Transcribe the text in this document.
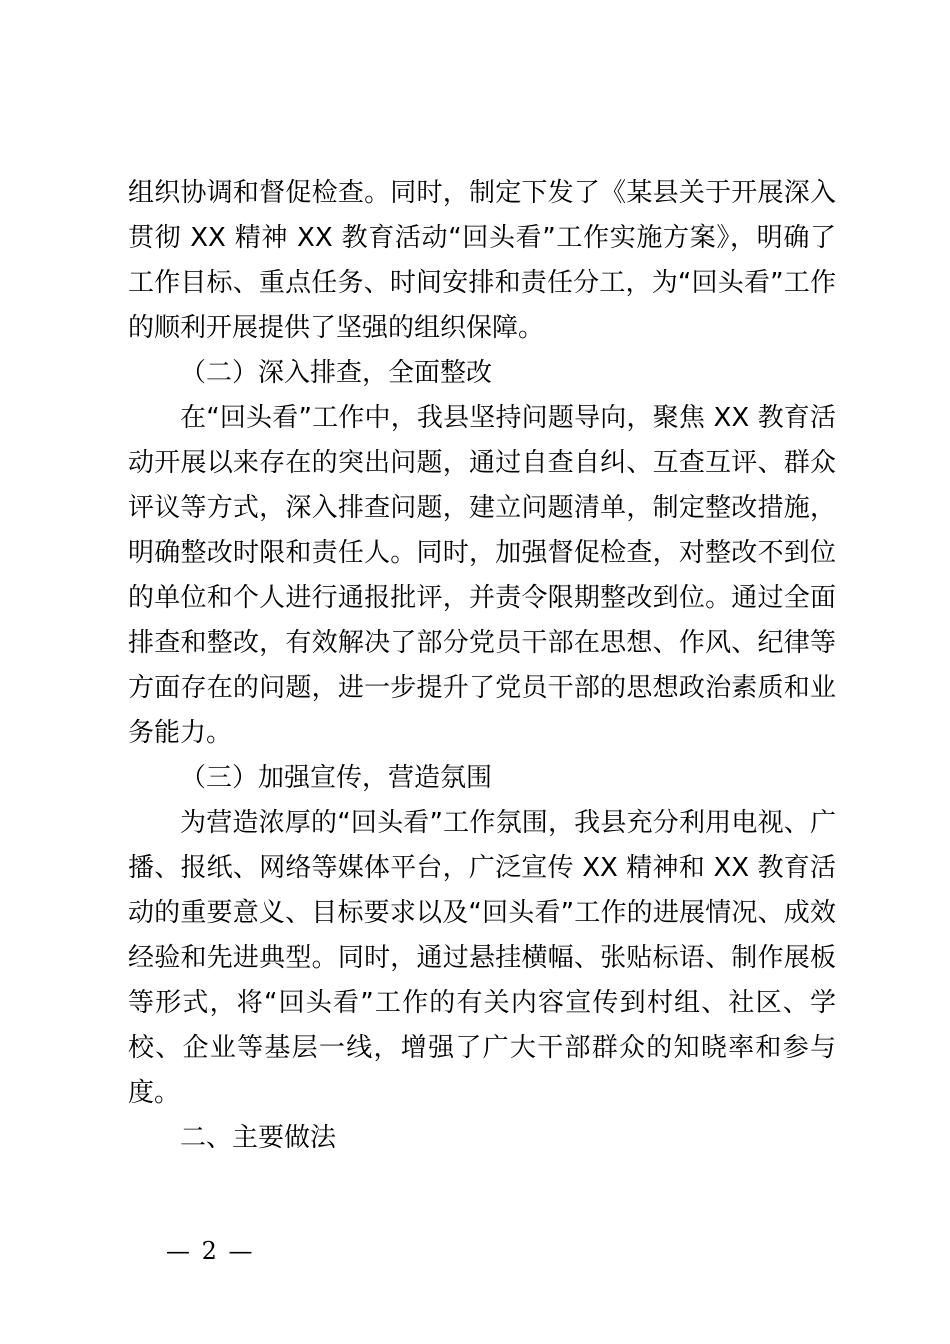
组织协调和督促检查。同时，制定下发了《某县关于开展深入贯彻 XX 精神 XX 教育活动“回头看”工作实施方案》，明确了工作目标、重点任务、时间安排和责任分工，为“回头看”工作的顺利开展提供了坚强的组织保障。

（二）深入排查，全面整改

在“回头看”工作中，我县坚持问题导向，聚焦 XX 教育活动开展以来存在的突出问题，通过自查自纠、互查互评、群众评议等方式，深入排查问题，建立问题清单，制定整改措施，明确整改时限和责任人。同时，加强督促检查，对整改不到位的单位和个人进行通报批评，并责令限期整改到位。通过全面排查和整改，有效解决了部分党员干部在思想、作风、纪律等方面存在的问题，进一步提升了党员干部的思想政治素质和业务能力。

（三）加强宣传，营造氛围

为营造浓厚的“回头看”工作氛围，我县充分利用电视、广播、报纸、网络等媒体平台，广泛宣传 XX 精神和 XX 教育活动的重要意义、目标要求以及“回头看”工作的进展情况、成效经验和先进典型。同时，通过悬挂横幅、张贴标语、制作展板等形式，将“回头看”工作的有关内容宣传到村组、社区、学校、企业等基层一线，增强了广大干部群众的知晓率和参与度。

二、主要做法

— 2 —
